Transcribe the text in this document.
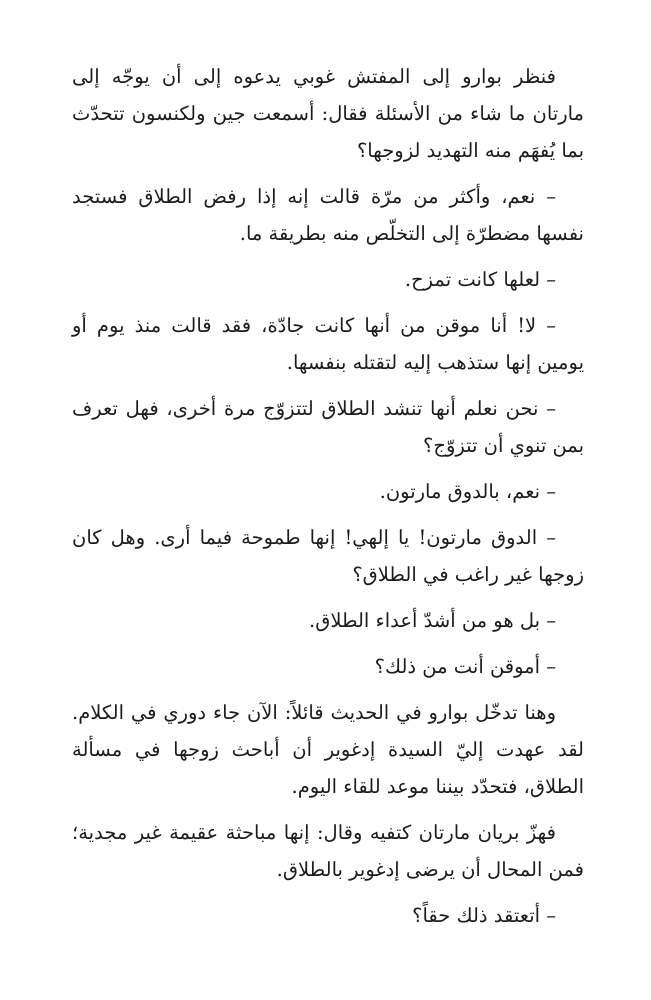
فنظر بوارو إلى المفتش غوبي يدعوه إلى أن يوجّه إلى مارتان ما شاء من الأسئلة فقال: أسمعت جين ولكنسون تتحدّث بما يُفهَم منه التهديد لزوجها؟

– نعم، وأكثر من مرّة قالت إنه إذا رفض الطلاق فستجد نفسها مضطرّة إلى التخلّص منه بطريقة ما.

– لعلها كانت تمزح.

– لا! أنا موقن من أنها كانت جادّة، فقد قالت منذ يوم أو يومين إنها ستذهب إليه لتقتله بنفسها.

– نحن نعلم أنها تنشد الطلاق لتتزوّج مرة أخرى، فهل تعرف بمن تنوي أن تتزوّج؟

– نعم، بالدوق مارتون.

– الدوق مارتون! يا إلهي! إنها طموحة فيما أرى. وهل كان زوجها غير راغب في الطلاق؟

– بل هو من أشدّ أعداء الطلاق.

– أموقن أنت من ذلك؟

وهنا تدخّل بوارو في الحديث قائلاً: الآن جاء دوري في الكلام. لقد عهدت إليّ السيدة إدغوير أن أباحث زوجها في مسألة الطلاق، فتحدّد بيننا موعد للقاء اليوم.

فهزّ بريان مارتان كتفيه وقال: إنها مباحثة عقيمة غير مجدية؛ فمن المحال أن يرضى إدغوير بالطلاق.

– أتعتقد ذلك حقاً؟
